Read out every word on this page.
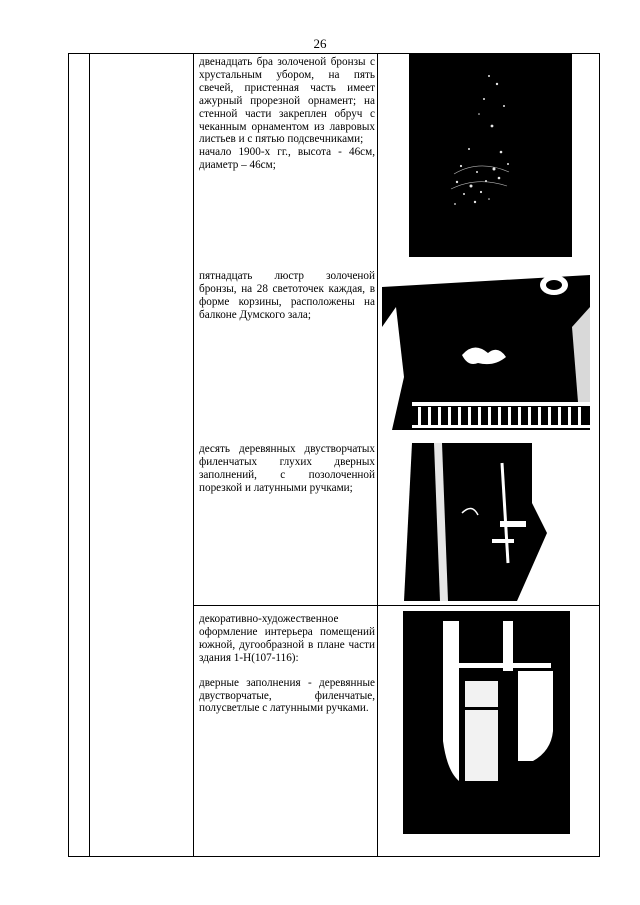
26

двенадцать бра золоченой бронзы с хрустальным убором, на пять свечей, пристенная часть имеет ажурный прорезной орнамент; на стенной части закреплен обруч с чеканным орнаментом из лавровых листьев и с пятью подсвечниками;

начало 1900-х гг., высота - 46см, диаметр – 46см;

пятнадцать люстр золоченой бронзы, на 28 светоточек каждая, в форме корзины, расположены на балконе Думского зала;

десять деревянных двустворчатых филенчатых глухих дверных заполнений, с позолоченной порезкой и латунными ручками;

декоративно-художественное оформление интерьера помещений южной, дугообразной в плане части здания 1-Н(107-116):

дверные заполнения - деревянные двустворчатые, филенчатые, полусветлые с латунными ручками.
